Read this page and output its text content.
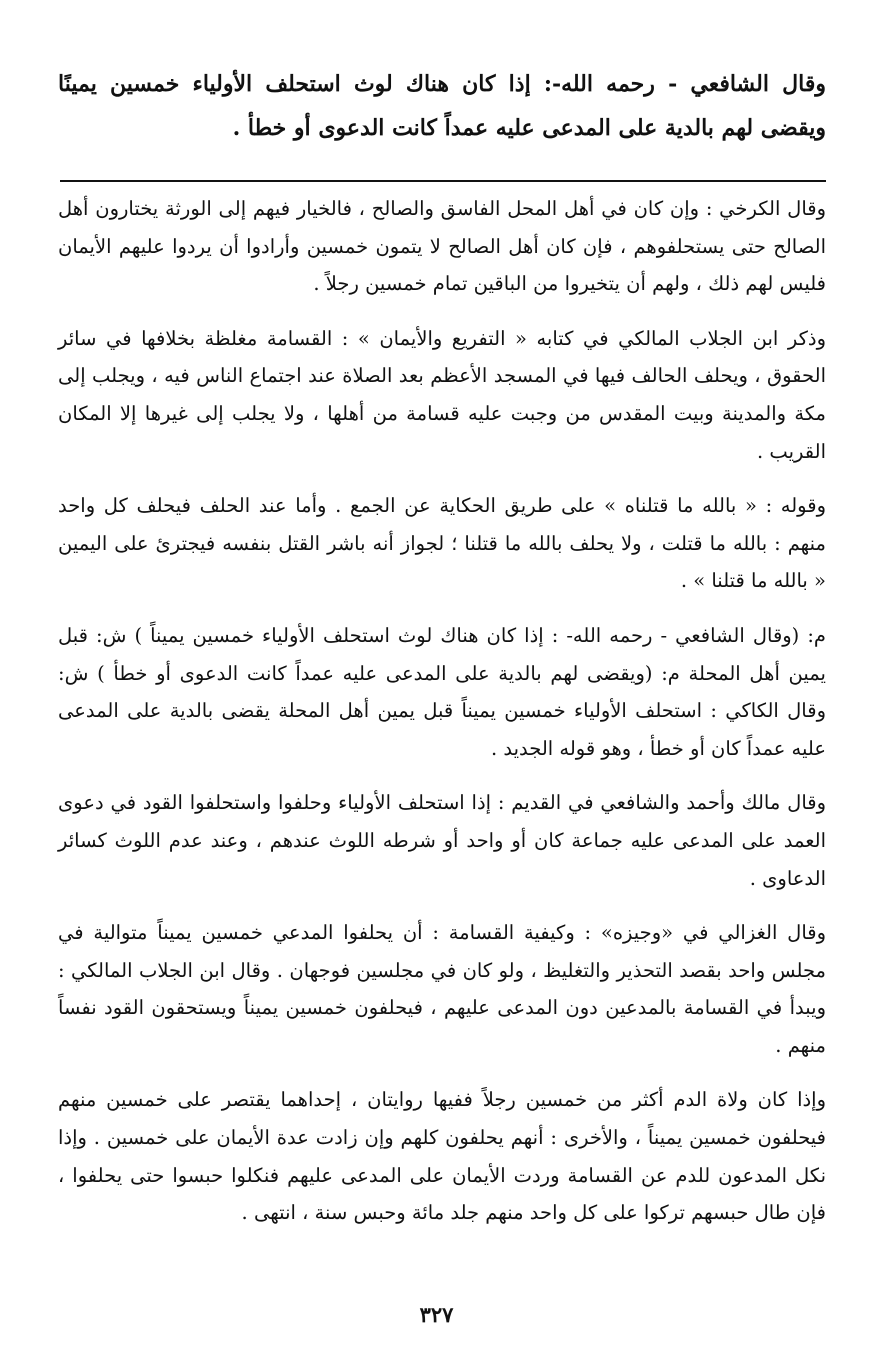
وقال الشافعي - رحمه الله-: إذا كان هناك لوث استحلف الأولياء خمسين يمينًا ويقضى لهم بالدية على المدعى عليه عمداً كانت الدعوى أو خطأ .

وقال الكرخي : وإن كان في أهل المحل الفاسق والصالح ، فالخيار فيهم إلى الورثة يختارون أهل الصالح حتى يستحلفوهم ، فإن كان أهل الصالح لا يتمون خمسين وأرادوا أن يردوا عليهم الأيمان فليس لهم ذلك ، ولهم أن يتخيروا من الباقين تمام خمسين رجلاً .

وذكر ابن الجلاب المالكي في كتابه « التفريع والأيمان » : القسامة مغلظة بخلافها في سائر الحقوق ، ويحلف الحالف فيها في المسجد الأعظم بعد الصلاة عند اجتماع الناس فيه ، ويجلب إلى مكة والمدينة وبيت المقدس من وجبت عليه قسامة من أهلها ، ولا يجلب إلى غيرها إلا المكان القريب .

وقوله : « بالله ما قتلناه » على طريق الحكاية عن الجمع . وأما عند الحلف فيحلف كل واحد منهم : بالله ما قتلت ، ولا يحلف بالله ما قتلنا ؛ لجواز أنه باشر القتل بنفسه فيجترئ على اليمين « بالله ما قتلنا » .

م: (وقال الشافعي - رحمه الله- : إذا كان هناك لوث استحلف الأولياء خمسين يميناً ) ش: قبل يمين أهل المحلة م: (ويقضى لهم بالدية على المدعى عليه عمداً كانت الدعوى أو خطأ ) ش: وقال الكاكي : استحلف الأولياء خمسين يميناً قبل يمين أهل المحلة يقضى بالدية على المدعى عليه عمداً كان أو خطأ ، وهو قوله الجديد .

وقال مالك وأحمد والشافعي في القديم : إذا استحلف الأولياء وحلفوا واستحلفوا القود في دعوى العمد على المدعى عليه جماعة كان أو واحد أو شرطه اللوث عندهم ، وعند عدم اللوث كسائر الدعاوى .

وقال الغزالي في «وجيزه» : وكيفية القسامة : أن يحلفوا المدعي خمسين يميناً متوالية في مجلس واحد بقصد التحذير والتغليظ ، ولو كان في مجلسين فوجهان . وقال ابن الجلاب المالكي : ويبدأ في القسامة بالمدعين دون المدعى عليهم ، فيحلفون خمسين يميناً ويستحقون القود نفساً منهم .

وإذا كان ولاة الدم أكثر من خمسين رجلاً ففيها روايتان ، إحداهما يقتصر على خمسين منهم فيحلفون خمسين يميناً ، والأخرى : أنهم يحلفون كلهم وإن زادت عدة الأيمان على خمسين . وإذا نكل المدعون للدم عن القسامة وردت الأيمان على المدعى عليهم فنكلوا حبسوا حتى يحلفوا ، فإن طال حبسهم تركوا على كل واحد منهم جلد مائة وحبس سنة ، انتهى .

٣٢٧
